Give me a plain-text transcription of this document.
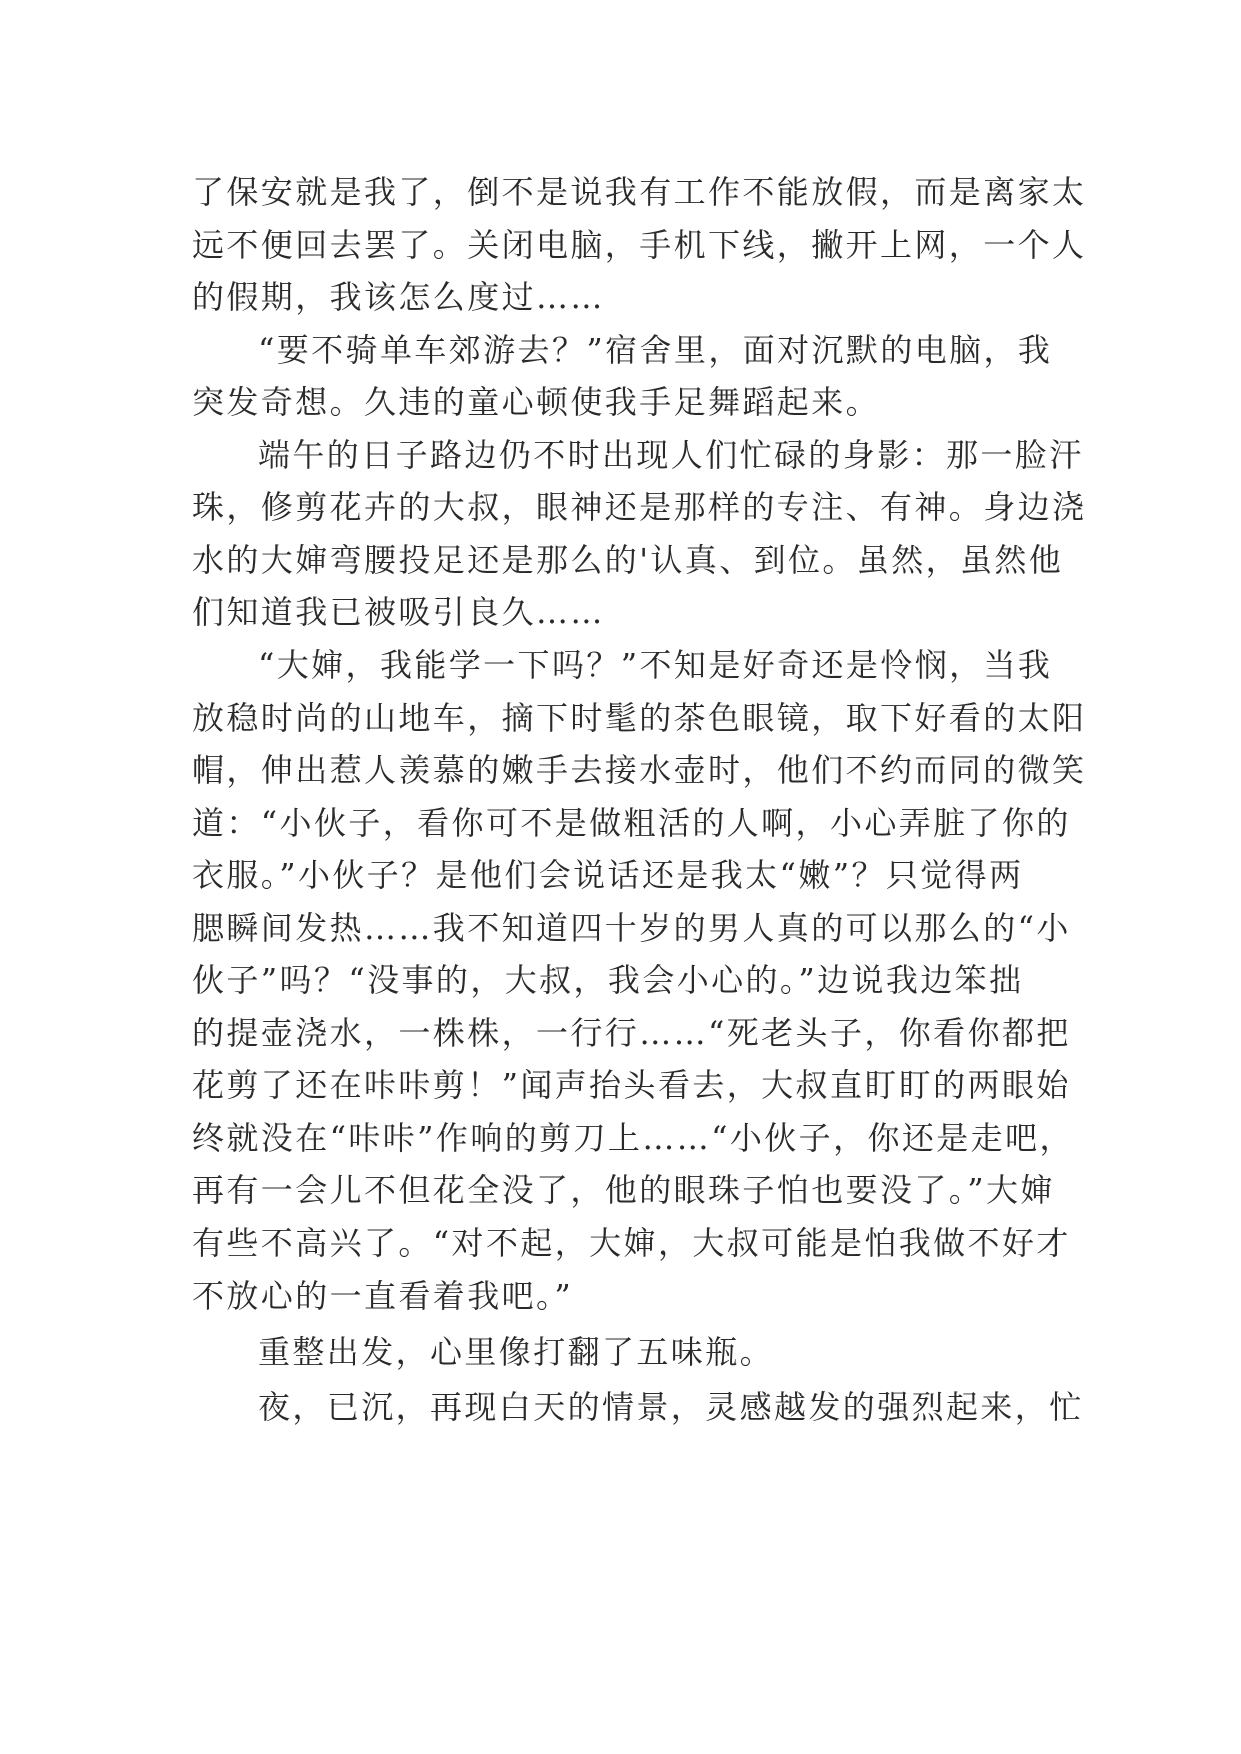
了保安就是我了，倒不是说我有工作不能放假，而是离家太
远不便回去罢了。关闭电脑，手机下线，撇开上网，一个人
的假期，我该怎么度过……
“要不骑单车郊游去？”宿舍里，面对沉默的电脑，我
突发奇想。久违的童心顿使我手足舞蹈起来。
端午的日子路边仍不时出现人们忙碌的身影：那一脸汗
珠，修剪花卉的大叔，眼神还是那样的专注、有神。身边浇
水的大婶弯腰投足还是那么的'认真、到位。虽然，虽然他
们知道我已被吸引良久……
“大婶，我能学一下吗？”不知是好奇还是怜悯，当我
放稳时尚的山地车，摘下时髦的茶色眼镜，取下好看的太阳
帽，伸出惹人羡慕的嫩手去接水壶时，他们不约而同的微笑
道：“小伙子，看你可不是做粗活的人啊，小心弄脏了你的
衣服。”小伙子？是他们会说话还是我太“嫩”？只觉得两
腮瞬间发热……我不知道四十岁的男人真的可以那么的“小
伙子”吗？“没事的，大叔，我会小心的。”边说我边笨拙
的提壶浇水，一株株，一行行……“死老头子，你看你都把
花剪了还在咔咔剪！”闻声抬头看去，大叔直盯盯的两眼始
终就没在“咔咔”作响的剪刀上……“小伙子，你还是走吧，
再有一会儿不但花全没了，他的眼珠子怕也要没了。”大婶
有些不高兴了。“对不起，大婶，大叔可能是怕我做不好才
不放心的一直看着我吧。”
重整出发，心里像打翻了五味瓶。
夜，已沉，再现白天的情景，灵感越发的强烈起来，忙
